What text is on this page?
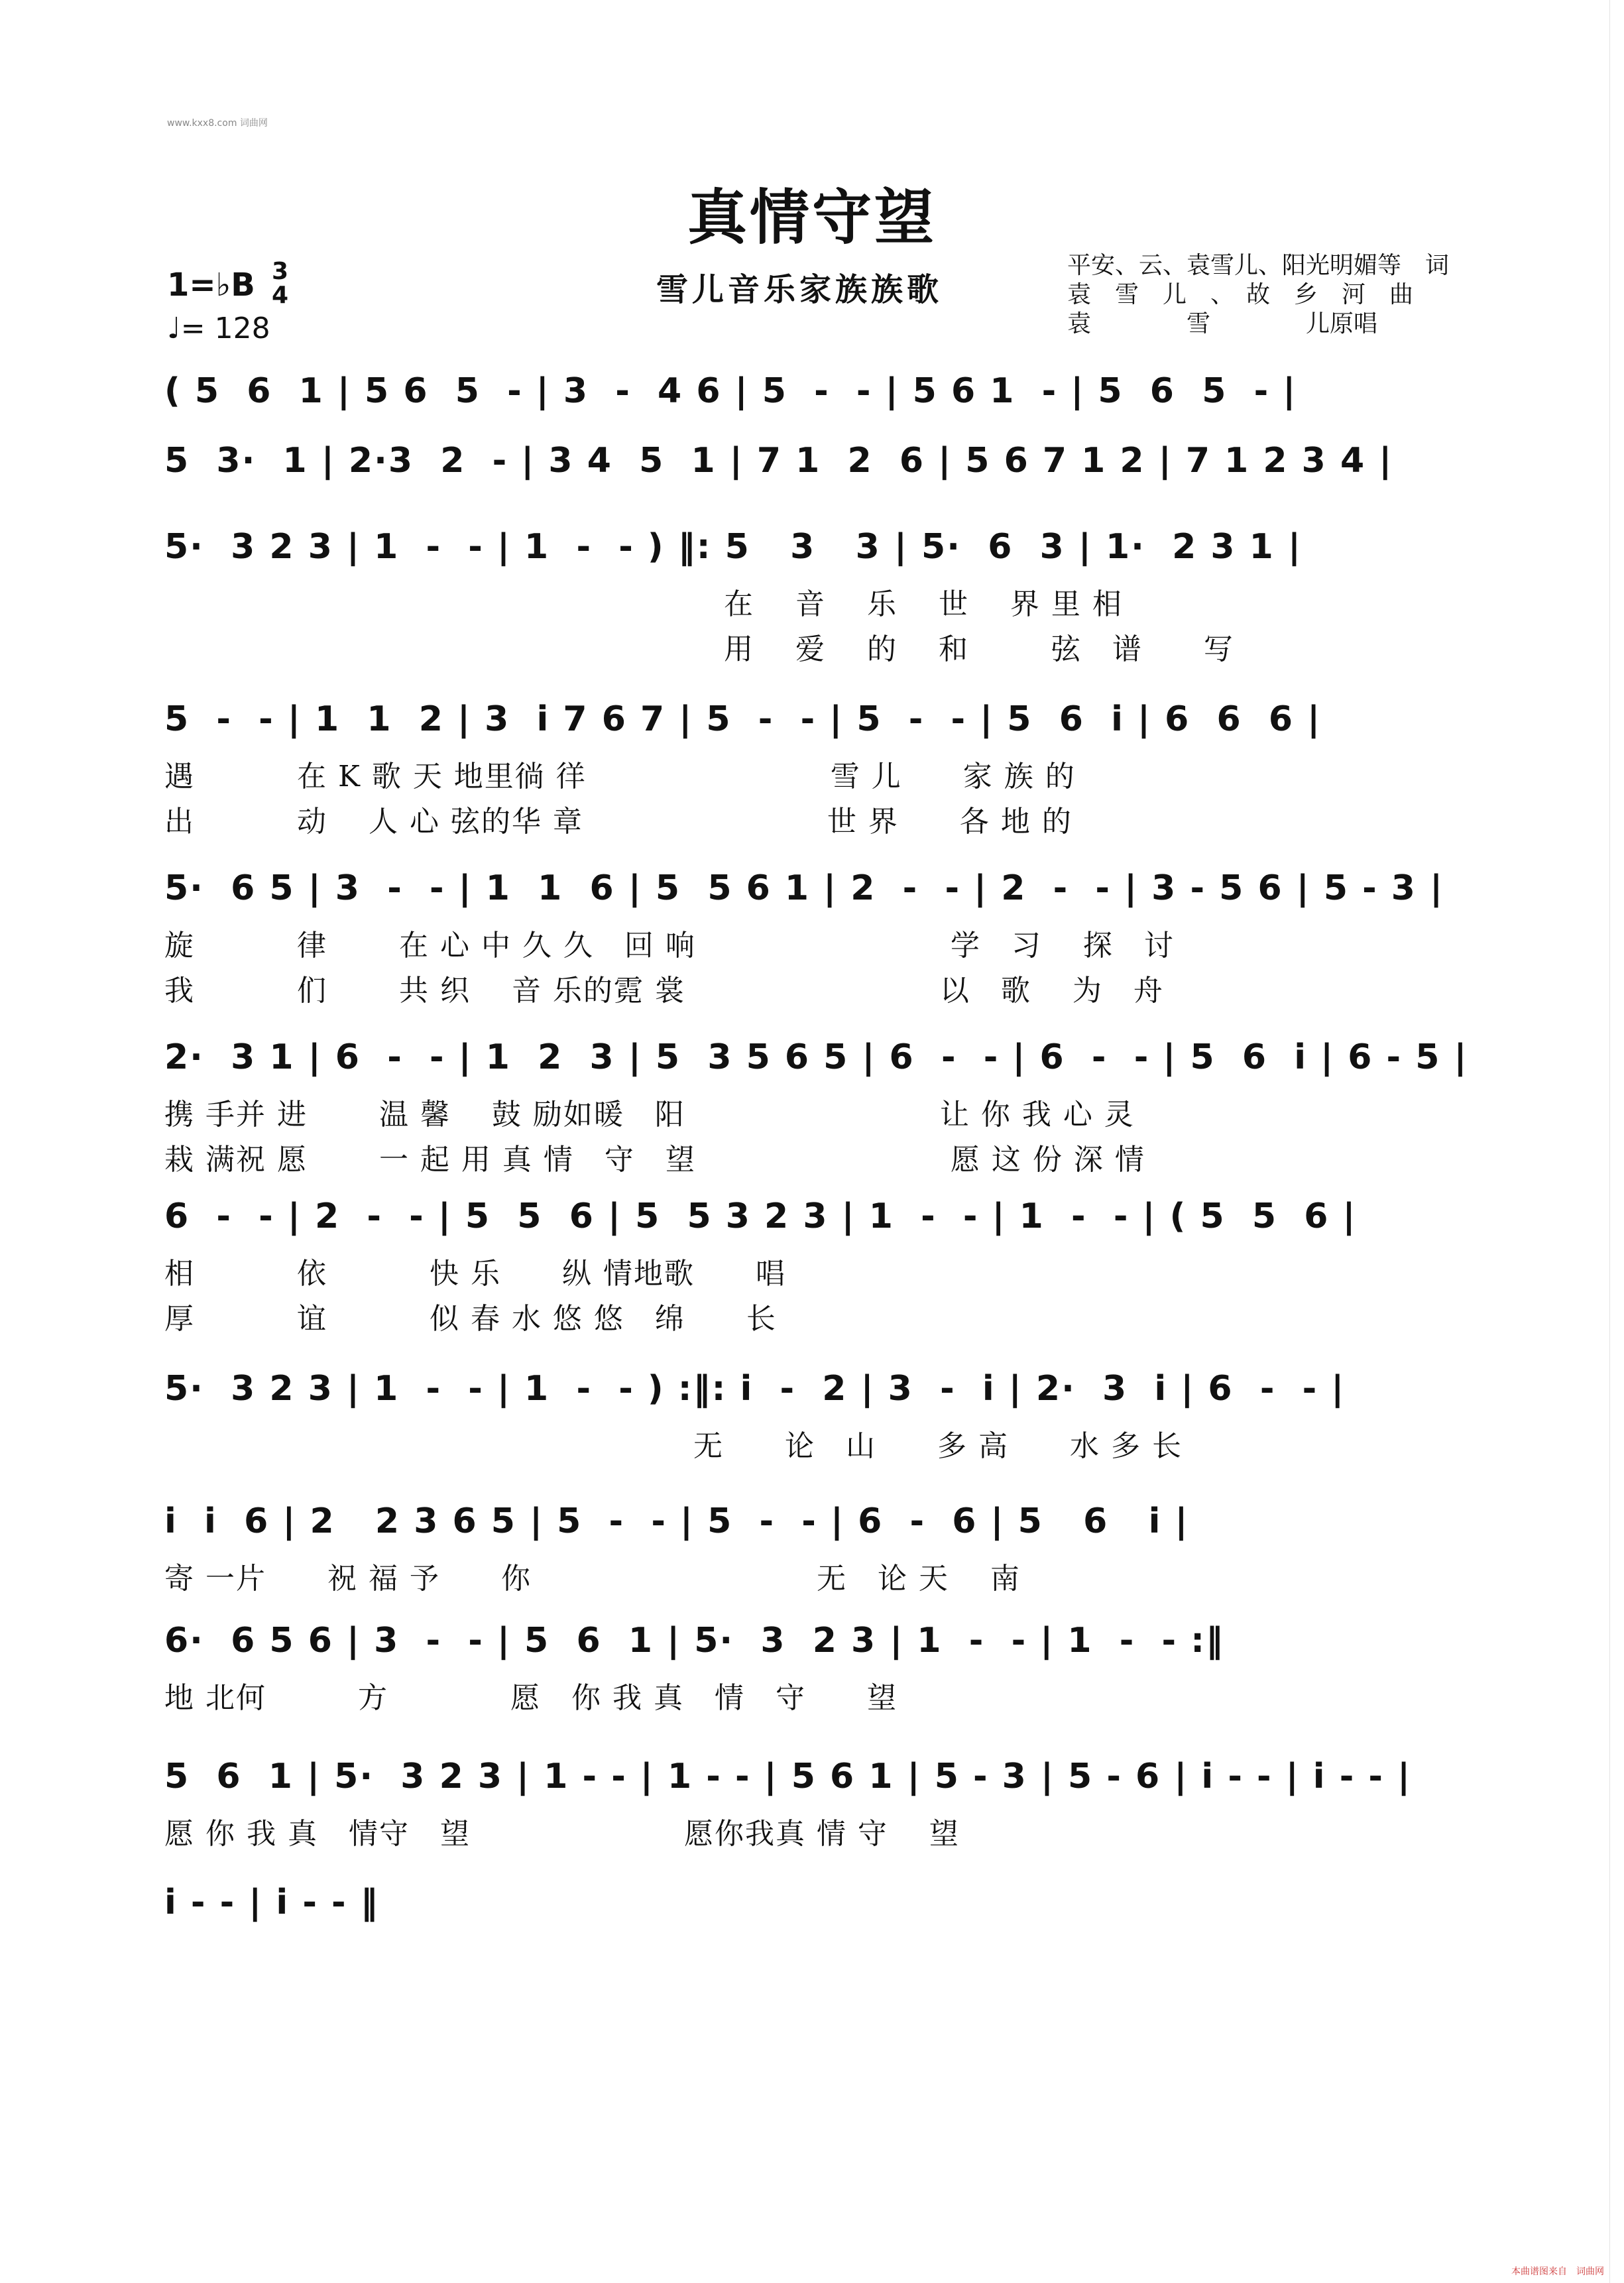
www.kxx8.com 词曲网
真情守望
雪儿音乐家族族歌
平安、云、袁雪儿、阳光明媚等　词
袁　雪　儿　、　故　乡　河　曲
袁　　　　雪　　　　儿原唱
1=♭B 3
4
♩= 128
( 5  6  1 | 5 6  5  - | 3  -  4 6 | 5  -  - | 5 6 1  - | 5  6  5  - |
5  3·  1 | 2·3  2  - | 3 4  5  1 | 7 1  2  6 | 5 6 7 1 2 | 7 1 2 3 4 |
5·  3 2 3 | 1  -  - | 1  -  - ) ‖: 5   3   3 | 5·  6  3 | 1·  2 3 1 |
　　　　　　　　　　　　　　　　　　 在　 音　 乐　 世　 界 里 相
　　　　　　　　　　　　　　　　　　 用　 爱　 的　 和　 　 弦　谱　　写
5  -  - | 1  1  2 | 3  i 7 6 7 | 5  -  - | 5  -  - | 5  6  i | 6  6  6 |
遇　　　 在 K 歌 天 地里徜 徉　　　　　　　　雪 儿　　家 族 的
出　　　 动　 人 心 弦的华 章　　　　　　　　世 界　　各 地 的
5·  6 5 | 3  -  - | 1  1  6 | 5  5 6 1 | 2  -  - | 2  -  - | 3 - 5 6 | 5 - 3 |
旋　　　 律　　 在 心 中 久 久　回 响　　　　　　　　 学　习　 探　讨
我　　　 们　　 共 织　 音 乐的霓 裳　　　　　　　　 以　歌　 为　舟
2·  3 1 | 6  -  - | 1  2  3 | 5  3 5 6 5 | 6  -  - | 6  -  - | 5  6  i | 6 - 5 |
携 手并 进　　 温 馨　 鼓 励如暖　阳　　　　　　　　 让 你 我 心 灵
栽 满祝 愿　　 一 起 用 真 情　守　望　　　　　　　　 愿 这 份 深 情
6  -  - | 2  -  - | 5  5  6 | 5  5 3 2 3 | 1  -  - | 1  -  - | ( 5  5  6 |
相　　　 依　　　 快 乐　　纵 情地歌　　唱
厚　　　 谊　　　 似 春 水 悠 悠　绵　　长
5·  3 2 3 | 1  -  - | 1  -  - ) :‖: i  -  2 | 3  -  i | 2·  3  i | 6  -  - |
　　　　　　　　　　　　　　　　　 无　　论　山　　多 高　　水 多 长
i  i  6 | 2   2 3 6 5 | 5  -  - | 5  -  - | 6  -  6 | 5   6   i |
寄 一片　　祝 福 予　　你　　　　　　　　　 无　论 天　 南
6·  6 5 6 | 3  -  - | 5  6  1 | 5·  3  2 3 | 1  -  - | 1  -  - :‖
地 北何　　　方　　　　愿　你 我 真　情　守　　望
5  6  1 | 5·  3 2 3 | 1 - - | 1 - - | 5 6 1 | 5 - 3 | 5 - 6 | i - - | i - - |
愿 你 我 真　情守　望　　　　　　　愿你我真 情 守　 望
i - - | i - - ‖
本曲谱图来自　词曲网
